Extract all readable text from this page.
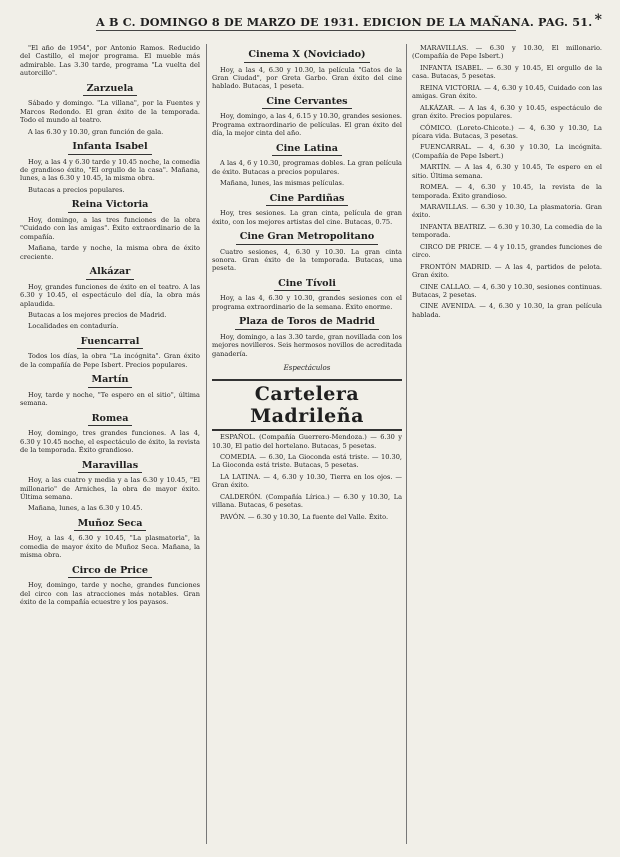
A B C. DOMINGO 8 DE MARZO DE 1931. EDICION DE LA MAÑANA. PAG. 51. *

"El año de 1954", por Antonio Ramos. Reducido del Castillo, el mejor programa. El mueble más admirable. Las 3.30 tarde, programa "La vuelta del autorcillo".

Zarzuela

Sábado y domingo. "La villana", por la Fuentes y Marcos Redondo. El gran éxito de la temporada. Todo el mundo al teatro.

A las 6.30 y 10.30, gran función de gala.

Infanta Isabel

Hoy, a las 4 y 6.30 tarde y 10.45 noche, la comedia de grandioso éxito, "El orgullo de la casa". Mañana, lunes, a las 6.30 y 10.45, la misma obra.

Butacas a precios populares.

Reina Victoria

Hoy, domingo, a las tres funciones de la obra "Cuidado con las amigas". Éxito extraordinario de la compañía.

Mañana, tarde y noche, la misma obra de éxito creciente.

Alkázar

Hoy, grandes funciones de éxito en el teatro. A las 6.30 y 10.45, el espectáculo del día, la obra más aplaudida.

Butacas a los mejores precios de Madrid.

Localidades en contaduría.

Fuencarral

Todos los días, la obra "La incógnita". Gran éxito de la compañía de Pepe Isbert. Precios populares.

Martín

Hoy, tarde y noche, "Te espero en el sitio", última semana.

Romea

Hoy, domingo, tres grandes funciones. A las 4, 6.30 y 10.45 noche, el espectáculo de éxito, la revista de la temporada. Éxito grandioso.

Maravillas

Hoy, a las cuatro y media y a las 6.30 y 10.45, "El millonario" de Arniches, la obra de mayor éxito. Última semana.

Mañana, lunes, a las 6.30 y 10.45.

Muñoz Seca

Hoy, a las 4, 6.30 y 10.45, "La plasmatoria", la comedia de mayor éxito de Muñoz Seca. Mañana, la misma obra.

Circo de Price

Hoy, domingo, tarde y noche, grandes funciones del circo con las atracciones más notables. Gran éxito de la compañía ecuestre y los payasos.

Cinema X (Noviciado)

Hoy, a las 4, 6.30 y 10.30, la película "Gatos de la Gran Ciudad", por Greta Garbo. Gran éxito del cine hablado. Butacas, 1 peseta.

Cine Cervantes

Hoy, domingo, a las 4, 6.15 y 10.30, grandes sesiones. Programa extraordinario de películas. El gran éxito del día, la mejor cinta del año.

Cine Latina

A las 4, 6 y 10.30, programas dobles. La gran película de éxito. Butacas a precios populares.

Mañana, lunes, las mismas películas.

Cine Pardiñas

Hoy, tres sesiones. La gran cinta, película de gran éxito, con los mejores artistas del cine. Butacas, 0.75.

Cine Gran Metropolitano

Cuatro sesiones, 4, 6.30 y 10.30. La gran cinta sonora. Gran éxito de la temporada. Butacas, una peseta.

Cine Tívoli

Hoy, a las 4, 6.30 y 10.30, grandes sesiones con el programa extraordinario de la semana. Éxito enorme.

Plaza de Toros de Madrid

Hoy, domingo, a las 3.30 tarde, gran novillada con los mejores novilleros. Seis hermosos novillos de acreditada ganadería.

Espectáculos
Cartelera Madrileña

ESPAÑOL. (Compañía Guerrero-Mendoza.) — 6.30 y 10.30, El patio del hortelano. Butacas, 5 pesetas.

COMEDIA. — 6.30, La Gioconda está triste. — 10.30, La Gioconda está triste. Butacas, 5 pesetas.

LA LATINA. — 4, 6.30 y 10.30, Tierra en los ojos. — Gran éxito.

CALDERÓN. (Compañía Lírica.) — 6.30 y 10.30, La villana. Butacas, 6 pesetas.

PAVÓN. — 6.30 y 10.30, La fuente del Valle. Éxito.

MARAVILLAS. — 6.30 y 10.30, El millonario. (Compañía de Pepe Isbert.)

INFANTA ISABEL. — 6.30 y 10.45, El orgullo de la casa. Butacas, 5 pesetas.

REINA VICTORIA. — 4, 6.30 y 10.45, Cuidado con las amigas. Gran éxito.

ALKÁZAR. — A las 4, 6.30 y 10.45, espectáculo de gran éxito. Precios populares.

CÓMICO. (Loreto-Chicote.) — 4, 6.30 y 10.30, La pícara vida. Butacas, 3 pesetas.

FUENCARRAL. — 4, 6.30 y 10.30, La incógnita. (Compañía de Pepe Isbert.)

MARTÍN. — A las 4, 6.30 y 10.45, Te espero en el sitio. Última semana.

ROMEA. — 4, 6.30 y 10.45, la revista de la temporada. Éxito grandioso.

MARAVILLAS. — 6.30 y 10.30, La plasmatoria. Gran éxito.

INFANTA BEATRIZ. — 6.30 y 10.30, La comedia de la temporada.

CIRCO DE PRICE. — 4 y 10.15, grandes funciones de circo.

FRONTÓN MADRID. — A las 4, partidos de pelota. Gran éxito.

CINE CALLAO. — 4, 6.30 y 10.30, sesiones continuas. Butacas, 2 pesetas.

CINE AVENIDA. — 4, 6.30 y 10.30, la gran película hablada.
